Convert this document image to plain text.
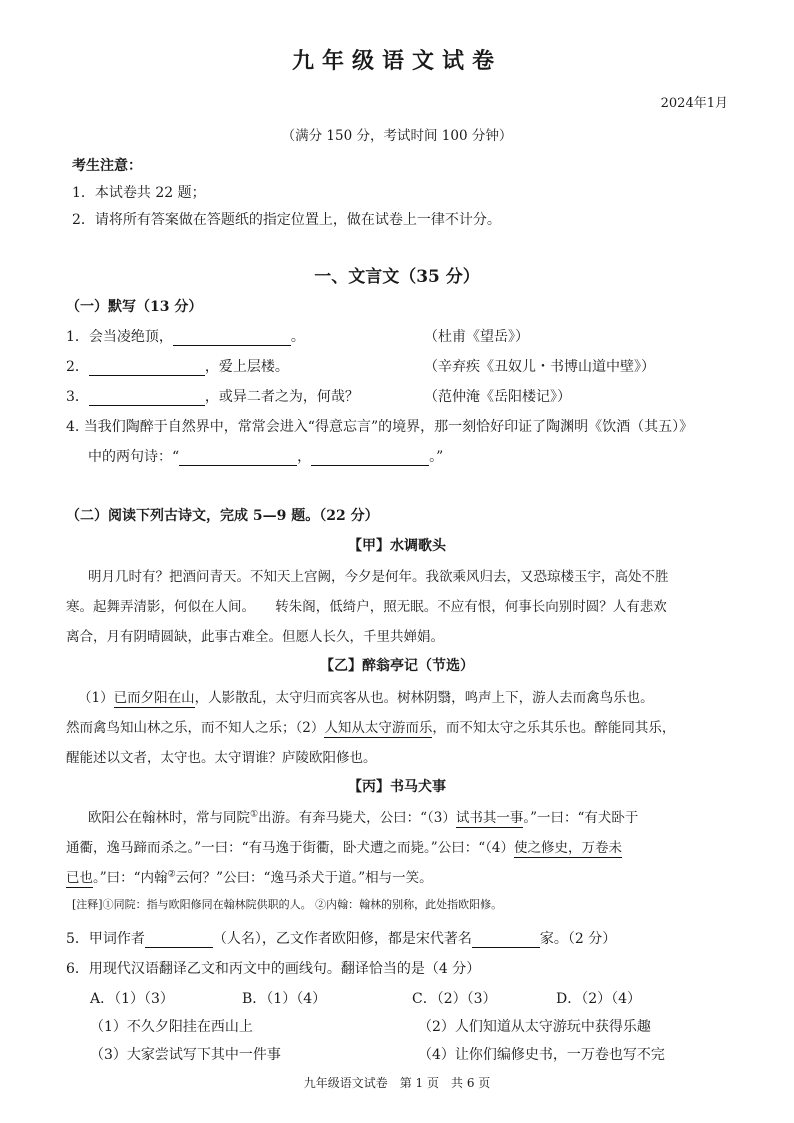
九年级语文试卷
2024年1月
（满分 150 分，考试时间 100 分钟）
考生注意：
1．本试卷共 22 题；
2．请将所有答案做在答题纸的指定位置上，做在试卷上一律不计分。
一、文言文（35 分）
（一）默写（13 分）
1．会当凌绝顶，	。	（杜甫《望岳》）
2．	，爱上层楼。	（辛弃疾《丑奴儿・书博山道中壁》）
3．	，或异二者之为，何哉？	（范仲淹《岳阳楼记》）
4. 当我们陶醉于自然界中，常常会进入“得意忘言”的境界，那一刻恰好印证了陶渊明《饮酒（其五）》
中的两句诗：“	，	。”
（二）阅读下列古诗文，完成 5—9 题。（22 分）
【甲】水调歌头
明月几时有？把酒问青天。不知天上宫阙，今夕是何年。我欲乘风归去，又恐琼楼玉宇，高处不胜
寒。起舞弄清影，何似在人间。　　转朱阁，低绮户，照无眠。不应有恨，何事长向别时圆？人有悲欢
离合，月有阴晴圆缺，此事古难全。但愿人长久，千里共婵娟。
【乙】醉翁亭记（节选）
（1）已而夕阳在山，人影散乱，太守归而宾客从也。树林阴翳，鸣声上下，游人去而禽鸟乐也。
然而禽鸟知山林之乐，而不知人之乐；（2）人知从太守游而乐，而不知太守之乐其乐也。醉能同其乐，
醒能述以文者，太守也。太守谓谁？庐陵欧阳修也。
【丙】书马犬事
欧阳公在翰林时，常与同院①出游。有奔马毙犬，公曰：“（3）试书其一事。”一曰：“有犬卧于
通衢，逸马蹄而杀之。”一曰：“有马逸于街衢，卧犬遭之而毙。”公曰：“（4）使之修史，万卷未
已也。”曰：“内翰②云何？”公曰：“逸马杀犬于道。”相与一笑。
[注释]①同院：指与欧阳修同在翰林院供职的人。 ②内翰：翰林的别称，此处指欧阳修。
5．甲词作者	（人名），乙文作者欧阳修，都是宋代著名	家。（2 分）
6．用现代汉语翻译乙文和丙文中的画线句。翻译恰当的是（4 分）
A．（1）（3）	B．（1）（4）	C．（2）（3）	D．（2）（4）
（1）不久夕阳挂在西山上	（2）人们知道从太守游玩中获得乐趣
（3）大家尝试写下其中一件事	（4）让你们编修史书，一万卷也写不完
九年级语文试卷　第 1 页　共 6 页
